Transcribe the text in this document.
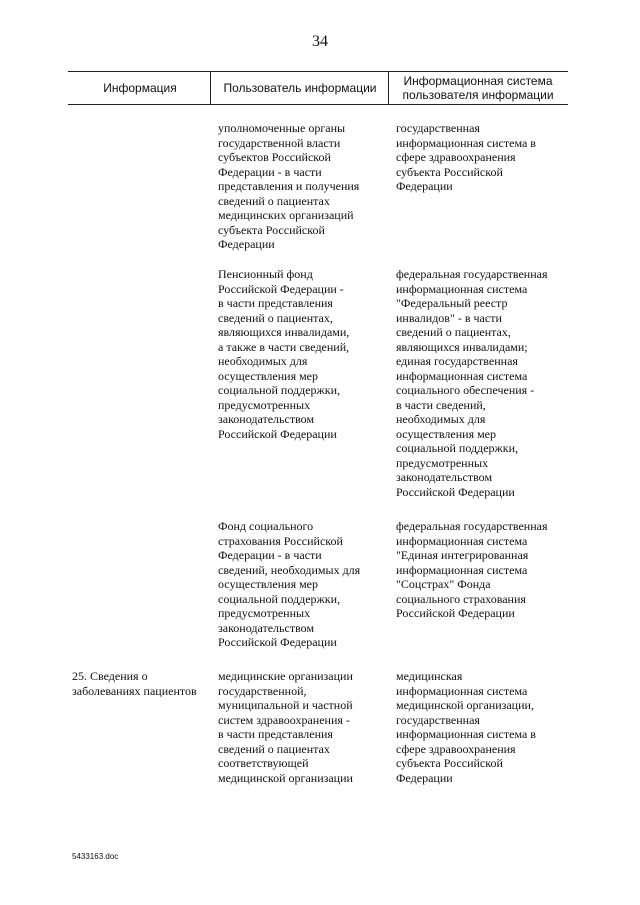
34
Информация	Пользователь информации	Информационная система
пользователя информации
уполномоченные органы
государственной власти
субъектов Российской
Федерации - в части
представления и получения
сведений о пациентах
медицинских организаций
субъекта Российской
Федерации
государственная
информационная система в
сфере здравоохранения
субъекта Российской
Федерации
Пенсионный фонд
Российской Федерации -
в части представления
сведений о пациентах,
являющихся инвалидами,
а также в части сведений,
необходимых для
осуществления мер
социальной поддержки,
предусмотренных
законодательством
Российской Федерации
федеральная государственная
информационная система
"Федеральный реестр
инвалидов" - в части
сведений о пациентах,
являющихся инвалидами;
единая государственная
информационная система
социального обеспечения -
в части сведений,
необходимых для
осуществления мер
социальной поддержки,
предусмотренных
законодательством
Российской Федерации
Фонд социального
страхования Российской
Федерации - в части
сведений, необходимых для
осуществления мер
социальной поддержки,
предусмотренных
законодательством
Российской Федерации
федеральная государственная
информационная система
"Единая интегрированная
информационная система
"Соцстрах" Фонда
социального страхования
Российской Федерации
25. Сведения о
заболеваниях пациентов
медицинские организации
государственной,
муниципальной и частной
систем здравоохранения -
в части представления
сведений о пациентах
соответствующей
медицинской организации
медицинская
информационная система
медицинской организации,
государственная
информационная система в
сфере здравоохранения
субъекта Российской
Федерации
5433163.doc
